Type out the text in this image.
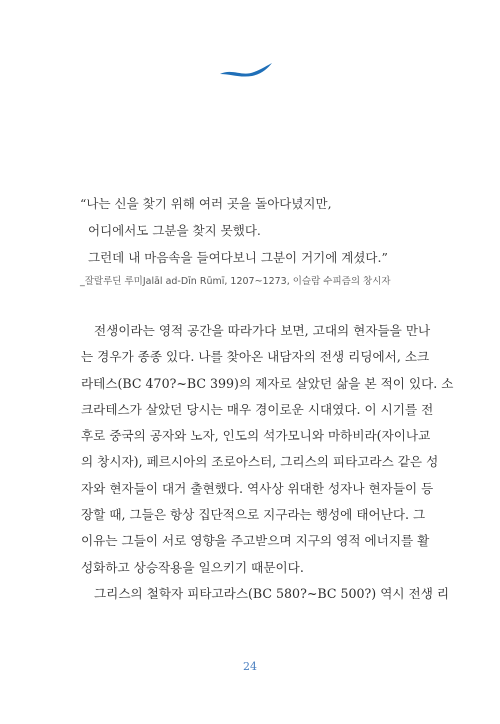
“나는 신을 찾기 위해 여러 곳을 돌아다녔지만,
어디에서도 그분을 찾지 못했다.
그런데 내 마음속을 들여다보니 그분이 거기에 계셨다.”
_잘랄루딘 루미Jalāl ad-Dīn Rūmī, 1207~1273, 이슬람 수피즘의 창시자
전생이라는 영적 공간을 따라가다 보면, 고대의 현자들을 만나
는 경우가 종종 있다. 나를 찾아온 내담자의 전생 리딩에서, 소크
라테스(BC 470?~BC 399)의 제자로 살았던 삶을 본 적이 있다. 소
크라테스가 살았던 당시는 매우 경이로운 시대였다. 이 시기를 전
후로 중국의 공자와 노자, 인도의 석가모니와 마하비라(자이나교
의 창시자), 페르시아의 조로아스터, 그리스의 피타고라스 같은 성
자와 현자들이 대거 출현했다. 역사상 위대한 성자나 현자들이 등
장할 때, 그들은 항상 집단적으로 지구라는 행성에 태어난다. 그
이유는 그들이 서로 영향을 주고받으며 지구의 영적 에너지를 활
성화하고 상승작용을 일으키기 때문이다.
그리스의 철학자 피타고라스(BC 580?~BC 500?) 역시 전생 리
24
